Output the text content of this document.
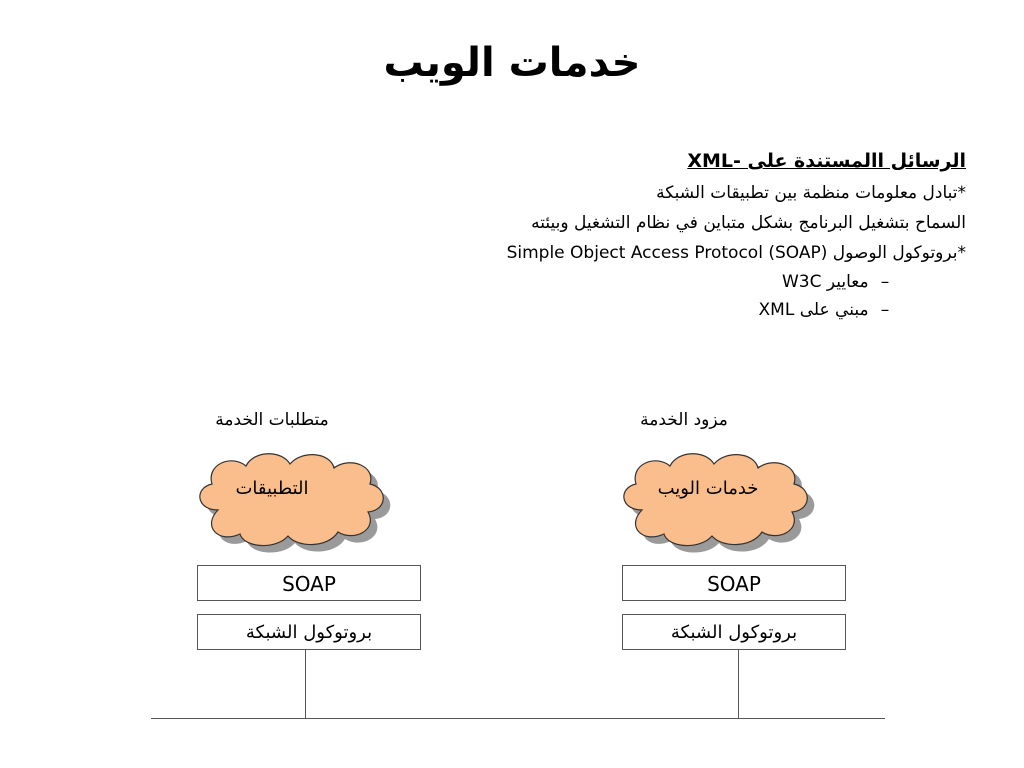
خدمات الويب
الرسائل االمستندة على -XML
*تبادل معلومات منظمة بين تطبيقات الشبكة
السماح بتشغيل البرنامج بشكل متباين في نظام التشغيل وبيئته
*بروتوكول الوصول (SOAP) Simple Object Access Protocol
– معايير W3C
– مبني على XML
متطلبات الخدمة
التطبيقات
SOAP
بروتوكول الشبكة
مزود الخدمة
خدمات الويب
SOAP
بروتوكول الشبكة
